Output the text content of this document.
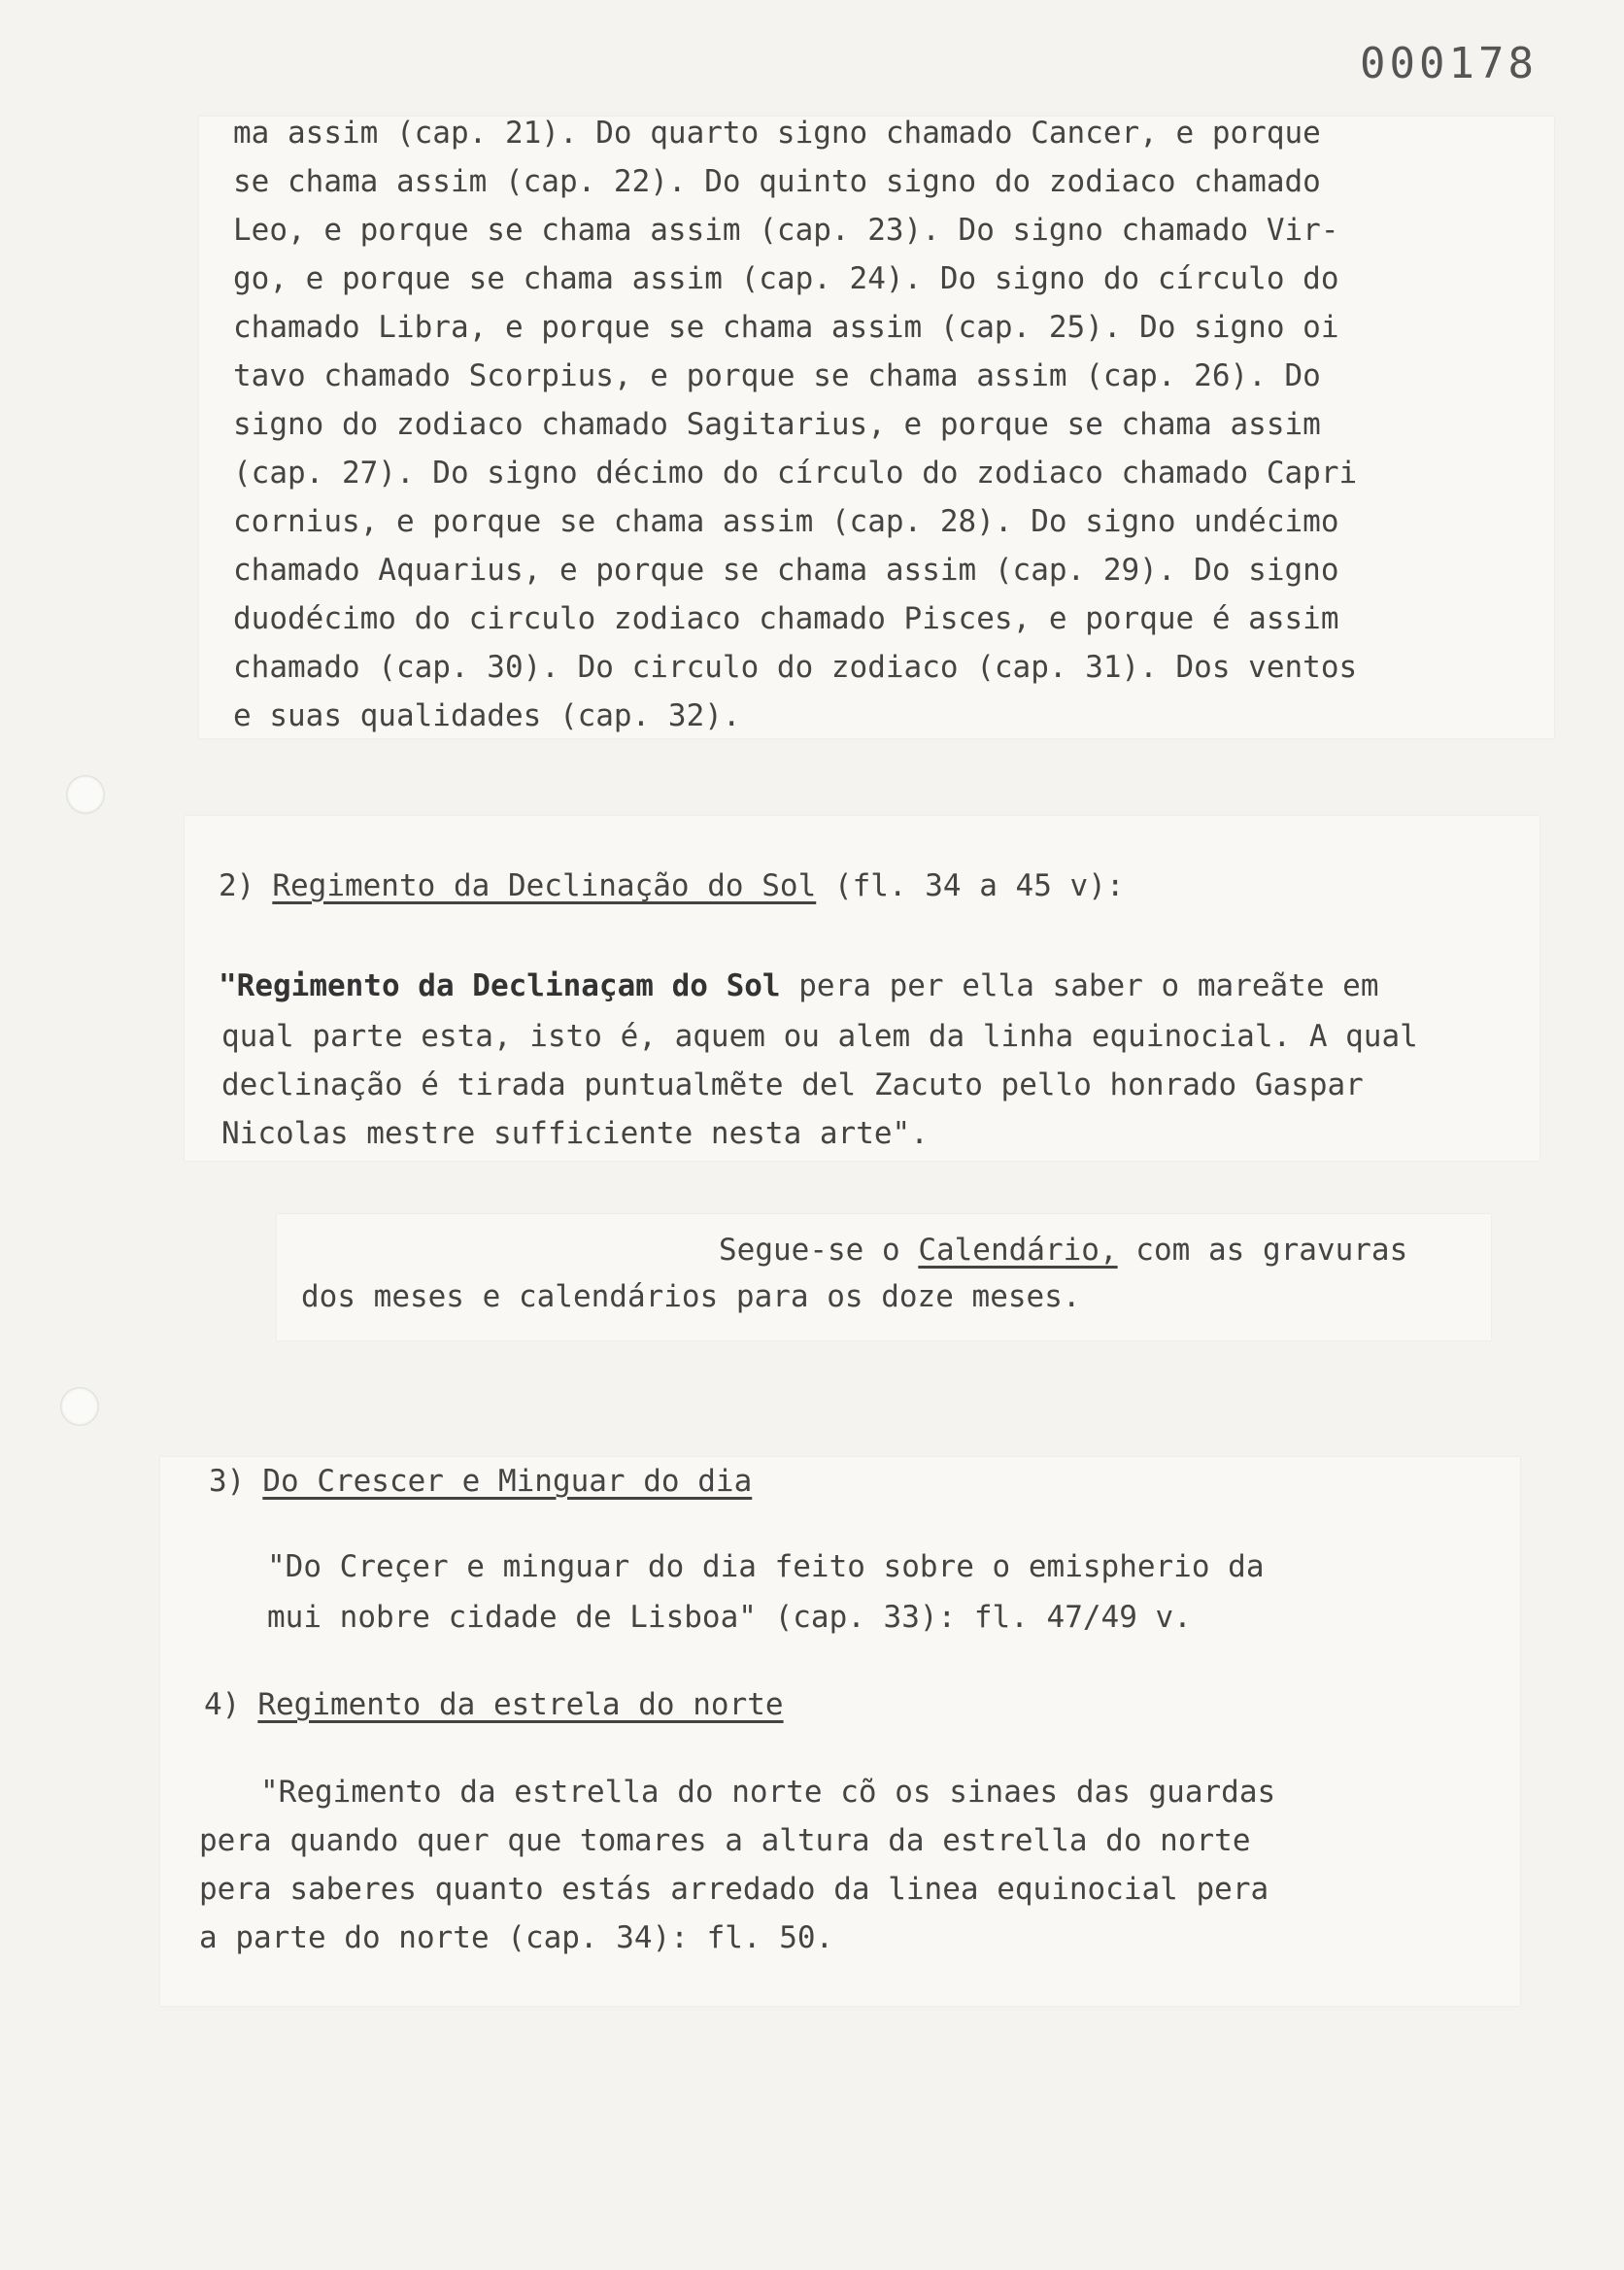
000178
ma assim (cap. 21). Do quarto signo chamado Cancer, e porque
se chama assim (cap. 22). Do quinto signo do zodiaco chamado
Leo, e porque se chama assim (cap. 23). Do signo chamado Vir-
go, e porque se chama assim (cap. 24). Do signo do círculo do
chamado Libra, e porque se chama assim (cap. 25). Do signo oi
tavo chamado Scorpius, e porque se chama assim (cap. 26). Do
signo do zodiaco chamado Sagitarius, e porque se chama assim
(cap. 27). Do signo décimo do círculo do zodiaco chamado Capri
cornius, e porque se chama assim (cap. 28). Do signo undécimo
chamado Aquarius, e porque se chama assim (cap. 29). Do signo
duodécimo do circulo zodiaco chamado Pisces, e porque é assim
chamado (cap. 30). Do circulo do zodiaco (cap. 31). Dos ventos
e suas qualidades (cap. 32).
2) Regimento da Declinação do Sol (fl. 34 a 45 v):
"Regimento da Declinaçam do Sol pera per ella saber o mareãte em
qual parte esta, isto é, aquem ou alem da linha equinocial. A qual
declinação é tirada puntualmẽte del Zacuto pello honrado Gaspar
Nicolas mestre sufficiente nesta arte".
Segue-se o Calendário, com as gravuras
dos meses e calendários para os doze meses.
3) Do Crescer e Minguar do dia
"Do Creçer e minguar do dia feito sobre o emispherio da
mui nobre cidade de Lisboa" (cap. 33): fl. 47/49 v.
4) Regimento da estrela do norte
"Regimento da estrella do norte cõ os sinaes das guardas
pera quando quer que tomares a altura da estrella do norte
pera saberes quanto estás arredado da linea equinocial pera
a parte do norte (cap. 34): fl. 50.
